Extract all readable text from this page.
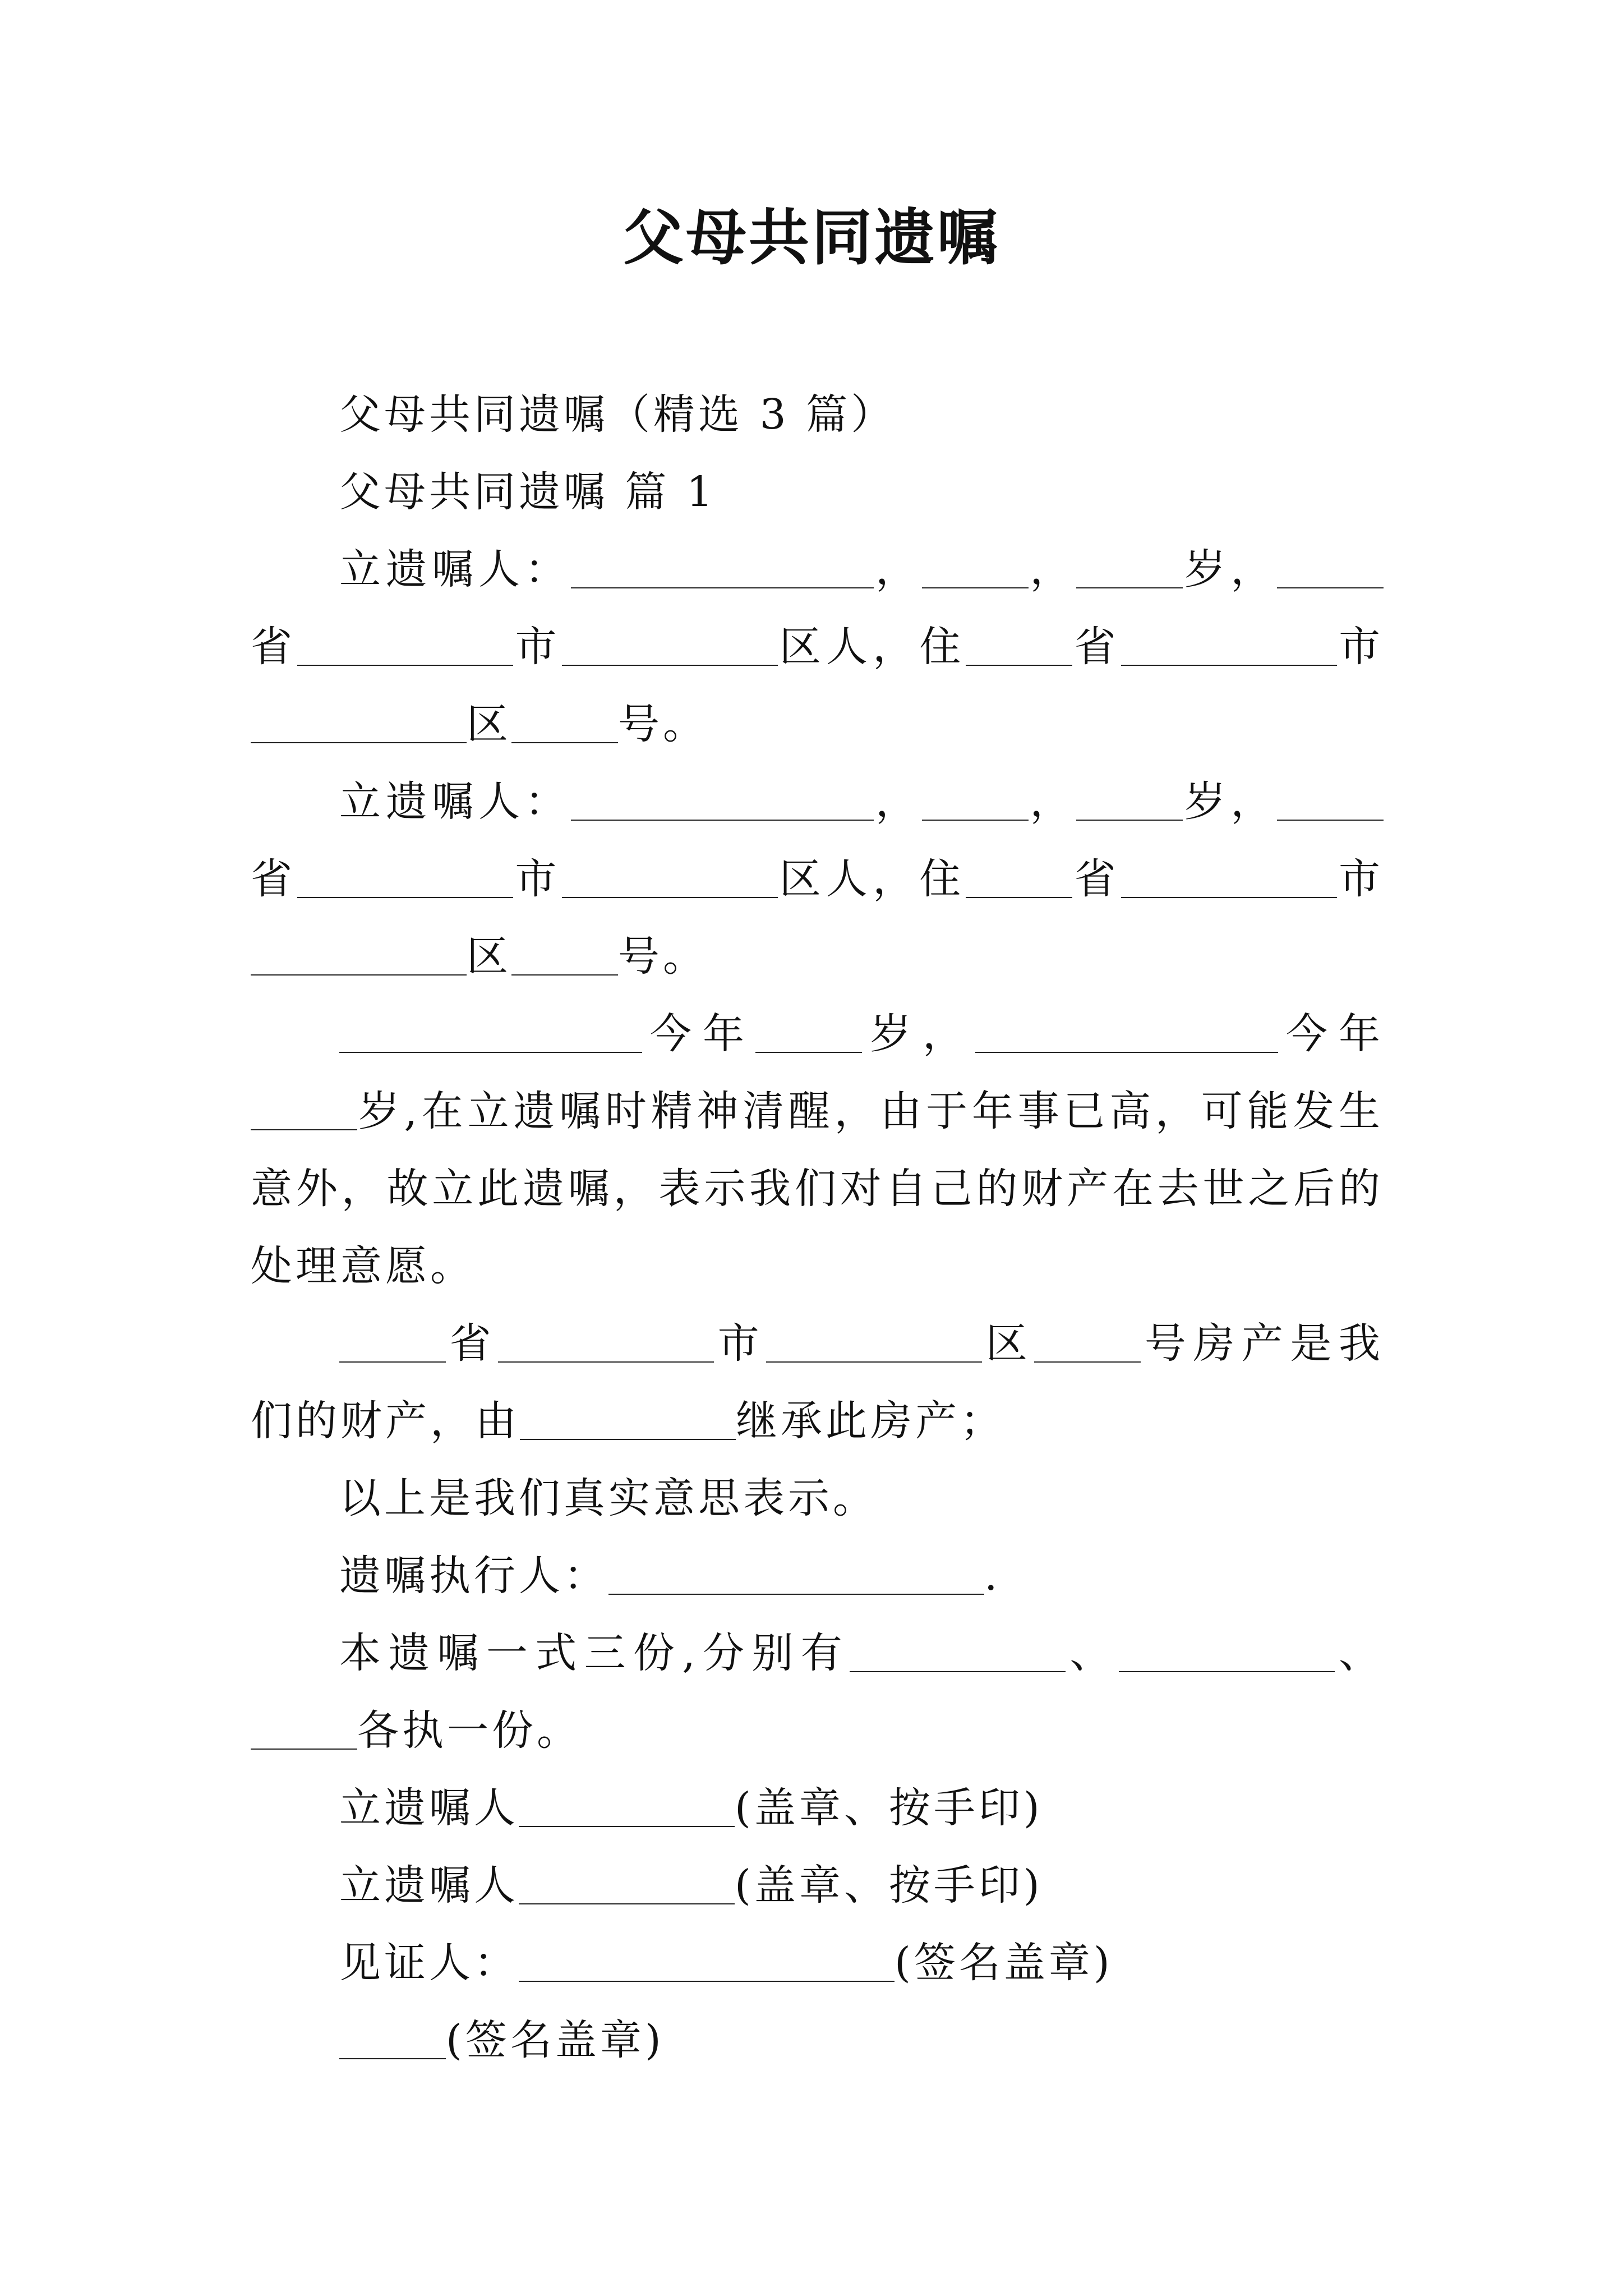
父母共同遗嘱

父母共同遗嘱（精选 3 篇）

父母共同遗嘱 篇 1

立遗嘱人：	，	，	岁，省	市	区人，住	省	市区	号。

立遗嘱人：	，	，	岁，省	市	区人，住	省	市区	号。

今年	岁，	今年岁,在立遗嘱时精神清醒，由于年事已高，可能发生意外，故立此遗嘱，表示我们对自己的财产在去世之后的处理意愿。

省	市	区	号房产是我们的财产，由	继承此房产；

以上是我们真实意思表示。

遗嘱执行人：	.

本遗嘱一式三份,分别有	、	、各执一份。

立遗嘱人	(盖章、按手印)

立遗嘱人	(盖章、按手印)

见证人：	(签名盖章)

(签名盖章)
